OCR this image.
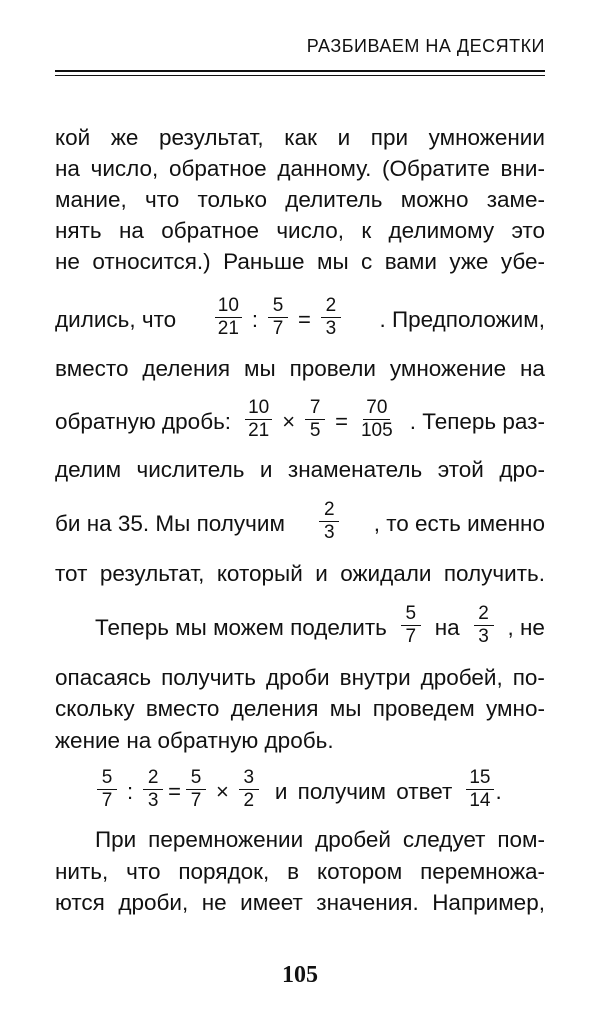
РАЗБИВАЕМ НА ДЕСЯТКИ
кой же результат, как и при умножении
на число, обратное данному. (Обратите вни-
мание, что только делитель можно заме-
нять на обратное число, к делимому это
не относится.) Раньше мы с вами уже убе-
дились, что $\frac{10}{21}$ : $\frac{5}{7} = \frac{2}{3}$ . Предположим,
вместо деления мы провели умножение на
обратную дробь: $\frac{10}{21} \times \frac{7}{5} = \frac{70}{105}$ . Теперь раз-
делим числитель и знаменатель этой дро-
би на 35. Мы получим $\frac{2}{3}$ , то есть именно
тот результат, который и ожидали получить.
Теперь мы можем поделить $\frac{5}{7}$ на $\frac{2}{3}$ , не
опасаясь получить дроби внутри дробей, по-
скольку вместо деления мы проведем умно-
жение на обратную дробь.
$\frac{5}{7}$ : $\frac{2}{3} = \frac{5}{7} \times \frac{3}{2}$ и получим ответ $\frac{15}{14}$ .
При перемножении дробей следует пом-
нить, что порядок, в котором перемножа-
ются дроби, не имеет значения. Например,
105
